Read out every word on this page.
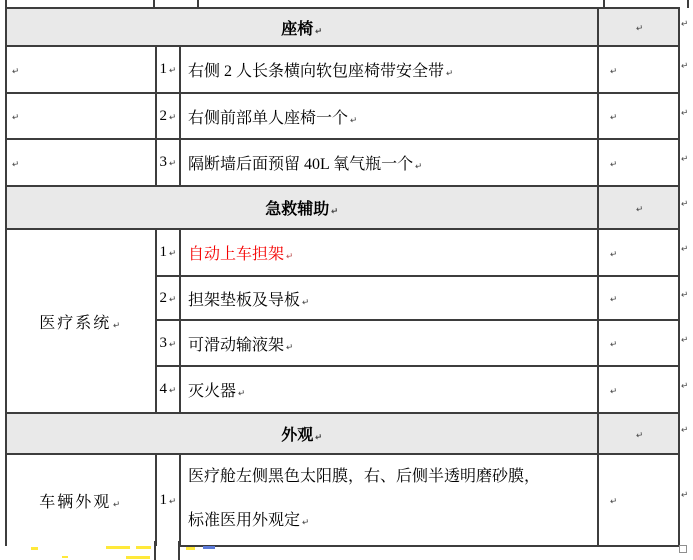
座椅↵			↵
↵	1↵	右侧 2 人长条横向软包座椅带安全带↵	↵
↵	2↵	右侧前部单人座椅一个↵	↵
↵	3↵	隔断墙后面预留 40L 氧气瓶一个↵	↵
急救辅助↵			↵
医疗系统↵	1↵	自动上车担架↵	↵
	2↵	担架垫板及导板↵	↵
	3↵	可滑动输液架↵	↵
	4↵	灭火器↵	↵
外观↵			↵
车辆外观↵	1↵	医疗舱左侧黑色太阳膜，右、后侧半透明磨砂膜，
标准医用外观定↵	↵
↵
↵
↵
↵
↵
↵
↵
↵
↵
↵
↵
